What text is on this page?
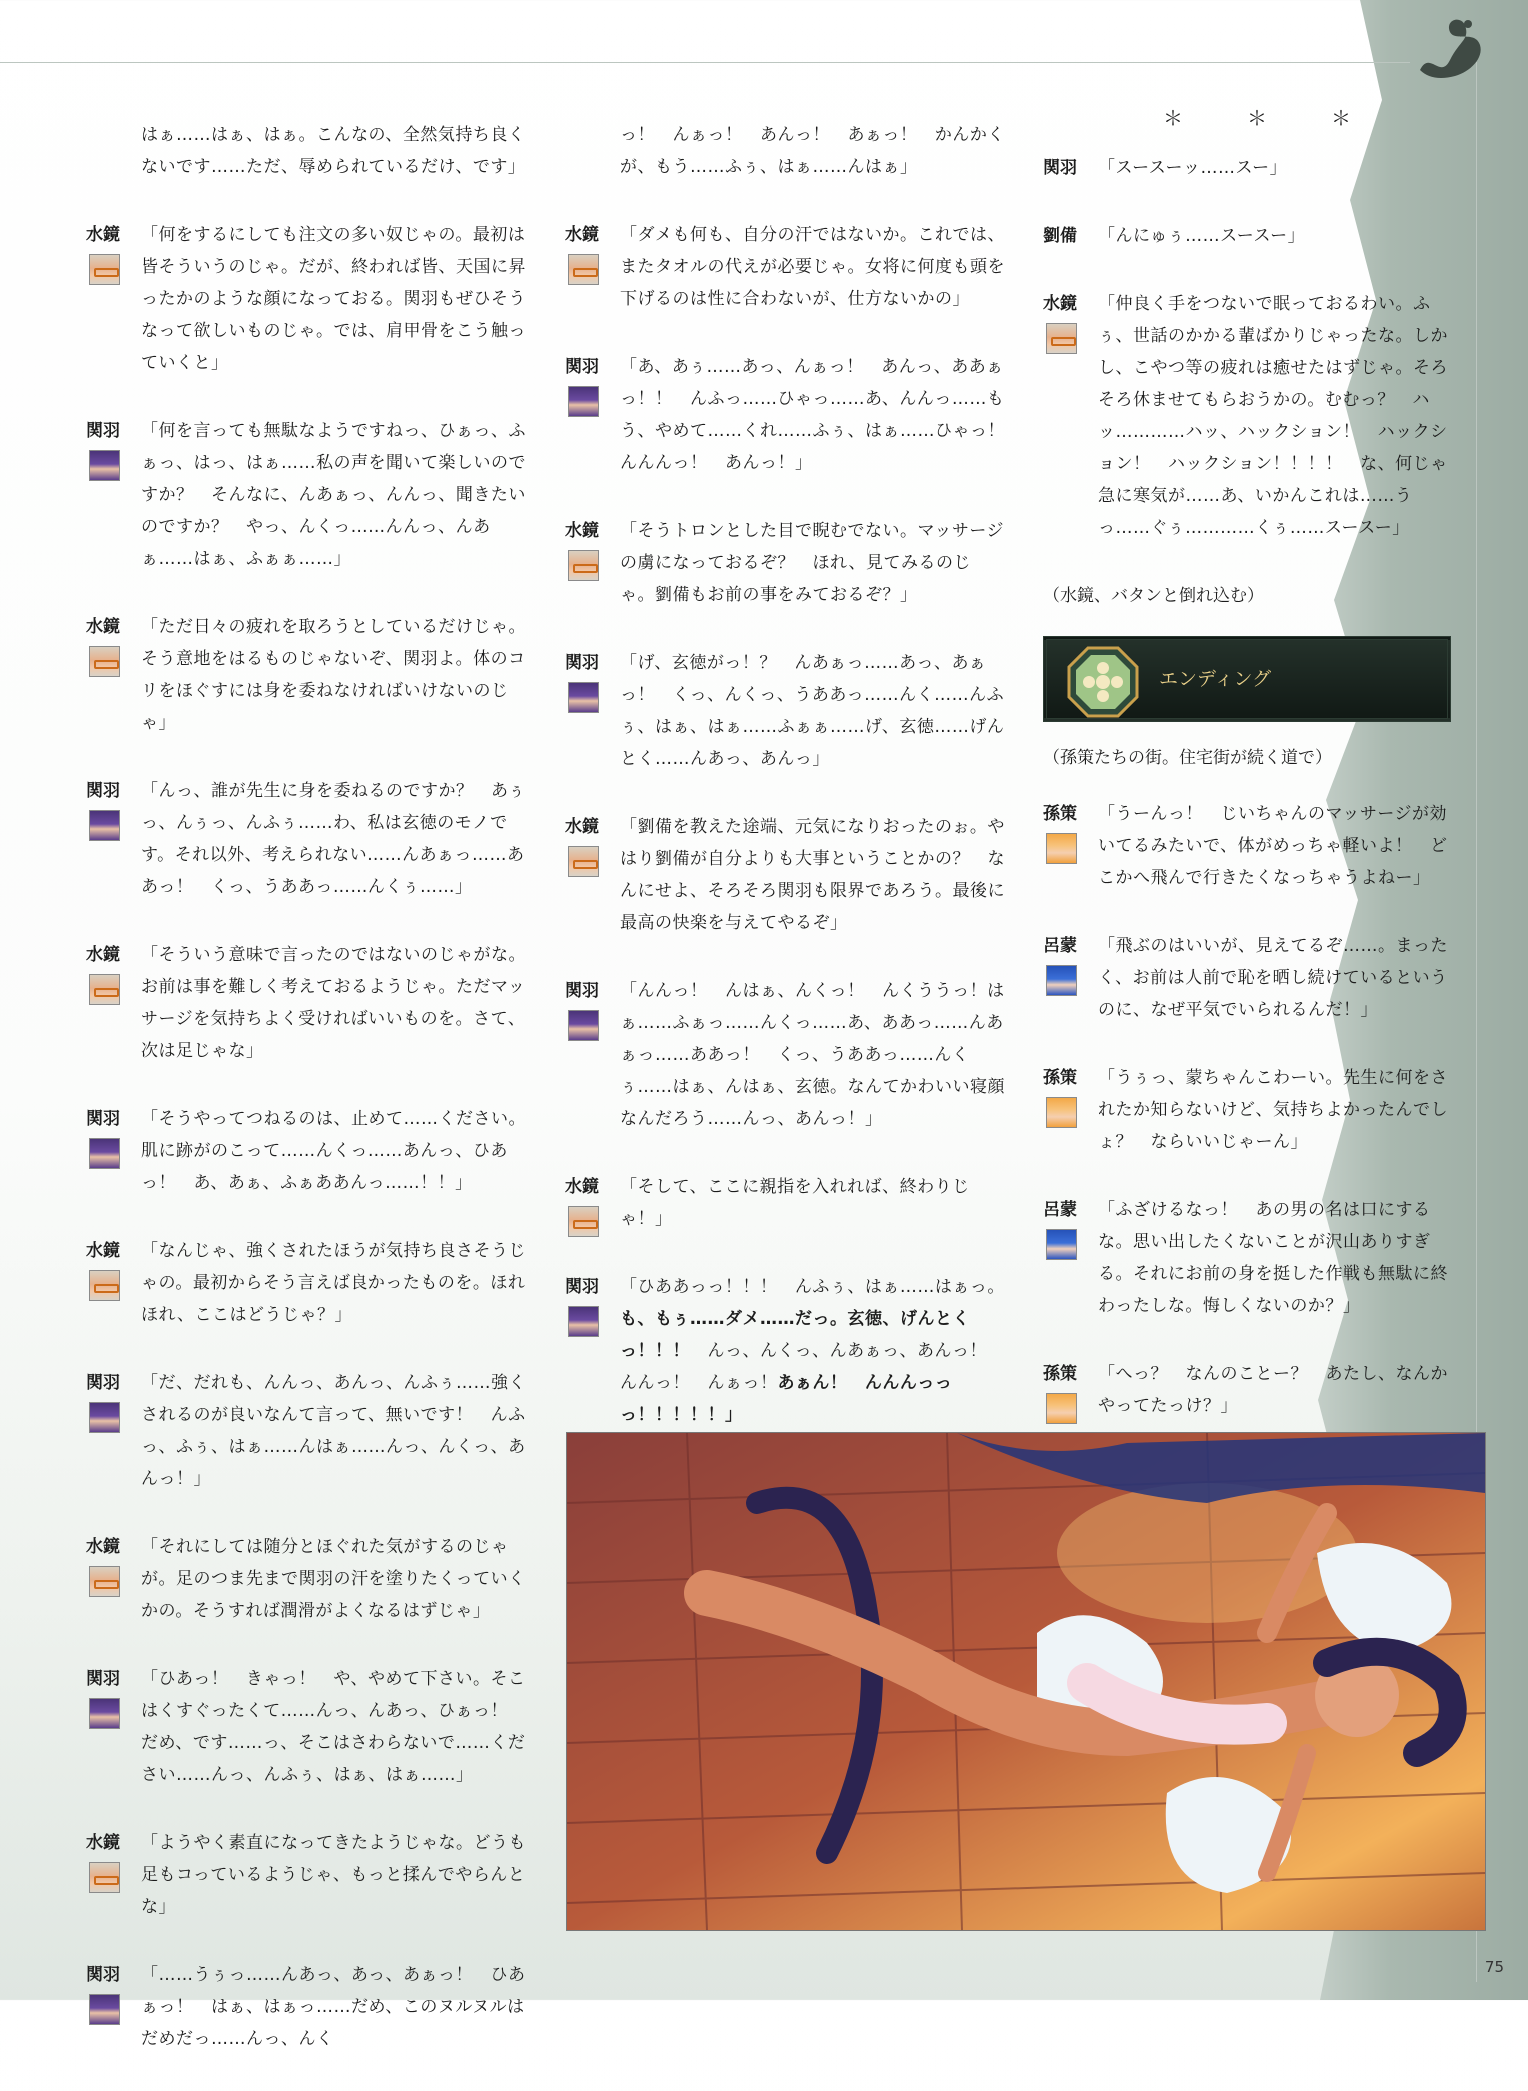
はぁ……はぁ、はぁ。こんなの、全然気持ち良くないです……ただ、辱められているだけ、です」

水鏡 「何をするにしても注文の多い奴じゃの。最初は皆そういうのじゃ。だが、終われば皆、天国に昇ったかのような顔になっておる。関羽もぜひそうなって欲しいものじゃ。では、肩甲骨をこう触っていくと」

関羽 「何を言っても無駄なようですねっ、ひぁっ、ふぁっ、はっ、はぁ……私の声を聞いて楽しいのですか？　そんなに、んあぁっ、んんっ、聞きたいのですか？　やっ、んくっ……んんっ、んあぁ……はぁ、ふぁぁ……」

水鏡 「ただ日々の疲れを取ろうとしているだけじゃ。そう意地をはるものじゃないぞ、関羽よ。体のコリをほぐすには身を委ねなければいけないのじゃ」

関羽 「んっ、誰が先生に身を委ねるのですか？　あぅっ、んぅっ、んふぅ……わ、私は玄徳のモノです。それ以外、考えられない……んあぁっ……ああっ！　くっ、うああっ……んくぅ……」

水鏡 「そういう意味で言ったのではないのじゃがな。お前は事を難しく考えておるようじゃ。ただマッサージを気持ちよく受ければいいものを。さて、次は足じゃな」

関羽 「そうやってつねるのは、止めて……ください。肌に跡がのこって……んくっ……あんっ、ひあっ！　あ、あぁ、ふぁああんっ……！！」

水鏡 「なんじゃ、強くされたほうが気持ち良さそうじゃの。最初からそう言えば良かったものを。ほれほれ、ここはどうじゃ？」

関羽 「だ、だれも、んんっ、あんっ、んふぅ……強くされるのが良いなんて言って、無いです！　んふっ、ふぅ、はぁ……んはぁ……んっ、んくっ、あんっ！」

水鏡 「それにしては随分とほぐれた気がするのじゃが。足のつま先まで関羽の汗を塗りたくっていくかの。そうすれば潤滑がよくなるはずじゃ」

関羽 「ひあっ！　きゃっ！　や、やめて下さい。そこはくすぐったくて……んっ、んあっ、ひぁっ！　だめ、です……っ、そこはさわらないで……ください……んっ、んふぅ、はぁ、はぁ……」

水鏡 「ようやく素直になってきたようじゃな。どうも足もコっているようじゃ、もっと揉んでやらんとな」

関羽 「……うぅっ……んあっ、あっ、あぁっ！　ひあぁっ！　はぁ、はぁっ……だめ、このヌルヌルはだめだっ……んっ、んく

っ！　んぁっ！　あんっ！　あぁっ！　かんかくが、もう……ふぅ、はぁ……んはぁ」

水鏡 「ダメも何も、自分の汗ではないか。これでは、またタオルの代えが必要じゃ。女将に何度も頭を下げるのは性に合わないが、仕方ないかの」

関羽 「あ、あぅ……あっ、んぁっ！　あんっ、ああぁっ！！　んふっ……ひゃっ……あ、んんっ……もう、やめて……くれ……ふぅ、はぁ……ひゃっ！　んんんっ！　あんっ！」

水鏡 「そうトロンとした目で睨むでない。マッサージの虜になっておるぞ？　ほれ、見てみるのじゃ。劉備もお前の事をみておるぞ？」

関羽 「げ、玄徳がっ！？　んあぁっ……あっ、あぁっ！　くっ、んくっ、うああっ……んく……んふぅ、はぁ、はぁ……ふぁぁ……げ、玄徳……げんとく……んあっ、あんっ」

水鏡 「劉備を教えた途端、元気になりおったのぉ。やはり劉備が自分よりも大事ということかの？　なんにせよ、そろそろ関羽も限界であろう。最後に最高の快楽を与えてやるぞ」

関羽 「んんっ！　んはぁ、んくっ！　んくううっ！はぁ……ふぁっ……んくっ……あ、ああっ……んあぁっ……ああっ！　くっ、うああっ……んくぅ……はぁ、んはぁ、玄徳。なんてかわいい寝顔なんだろう……んっ、あんっ！」

水鏡 「そして、ここに親指を入れれば、終わりじゃ！」

関羽 「ひああっっ！！！　んふぅ、はぁ……はぁっ。も、もぅ……ダメ……だっ。玄徳、げんとくっ！！！　んっ、んくっ、んあぁっ、あんっ！　んんっ！　んぁっ！あぁん！　んんんっっっ！！！！！」

＊　＊　＊
関羽 「スースーッ……スー」

劉備 「んにゅぅ……スースー」

水鏡 「仲良く手をつないで眠っておるわい。ふぅ、世話のかかる輩ばかりじゃったな。しかし、こやつ等の疲れは癒せたはずじゃ。そろそろ休ませてもらおうかの。むむっ？　ハッ…………ハッ、ハックション！　ハックション！　ハックション！！！！　な、何じゃ急に寒気が……あ、いかんこれは……うっ……ぐぅ…………くぅ……スースー」

（水鏡、バタンと倒れ込む）
エンディング
（孫策たちの街。住宅街が続く道で）
孫策 「うーんっ！　じいちゃんのマッサージが効いてるみたいで、体がめっちゃ軽いよ！　どこかへ飛んで行きたくなっちゃうよねー」

呂蒙 「飛ぶのはいいが、見えてるぞ……。まったく、お前は人前で恥を晒し続けているというのに、なぜ平気でいられるんだ！」

孫策 「うぅっ、蒙ちゃんこわーい。先生に何をされたか知らないけど、気持ちよかったんでしょ？　ならいいじゃーん」

呂蒙 「ふざけるなっ！　あの男の名は口にするな。思い出したくないことが沢山ありすぎる。それにお前の身を挺した作戦も無駄に終わったしな。悔しくないのか？」

孫策 「へっ？　なんのことー？　あたし、なんかやってたっけ？」

75
